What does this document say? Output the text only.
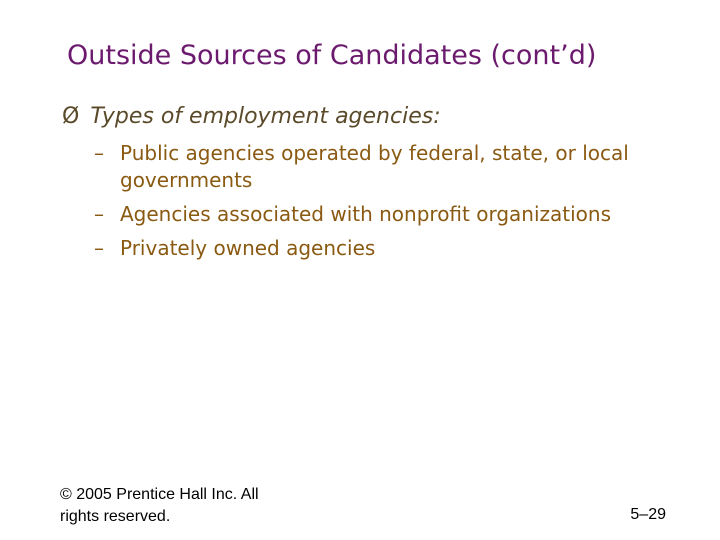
Outside Sources of Candidates (cont’d)
Ø Types of employment agencies:
– Public agencies operated by federal, state, or local governments
– Agencies associated with nonprofit organizations
– Privately owned agencies
© 2005 Prentice Hall Inc. All rights reserved.	5–29
